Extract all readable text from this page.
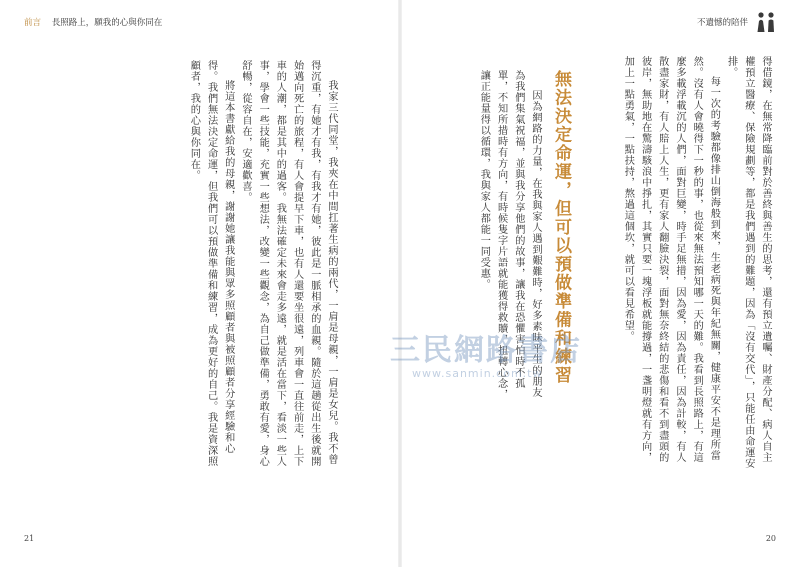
前言 長照路上，願我的心與你同在

我家三代同堂，我夾在中間扛著生病的兩代，一肩是母親，一肩是女兒。我不曾得沉重，有她才有我，有我才有她，彼此是一脈相承的血親。隨於這趟從出生後就開始邁向死亡的旅程，有人會提早下車，也有人還要坐很遠，列車會一直往前走，上下車的人潮，都是其中的過客。我無法確定未來會走多遠，就是活在當下，看淡一些人事，學會一些技能，充實一些想法，改變一些觀念，為自己做準備，勇敢有愛，身心舒暢，從容自在，安適歡喜。

將這本書獻給我的母親，謝謝她讓我能與眾多照顧者與被照顧者分享經驗和心得。我們無法決定命運，但我們可以預做準備和練習，成為更好的自己。我是資深照顧者，我的心與你同在。

21
不遺憾的陪伴

得借鏡，在無常降臨前對於善終與善生的思考，還有預立遺囑、財產分配、病人自主權預立醫療、保險規劃等，都是我們遇到的難題，因為「沒有交代」，只能任由命運安排。

每一次的考驗都像排山倒海般到來，生老病死與年紀無關，健康平安不是理所當然。沒有人會曉得下一秒的事，也從來無法預知哪一天的難。我看到長照路上，有這麼多載浮載沉的人們，面對巨變，時手足無措，因為愛，因為責任，因為計較，有人散盡家財，有人賠上人生，更有家人翻臉決裂，面對無奈終結的悲傷和看不到盡頭的彼岸，無助地在驚濤駭浪中掙扎，其實只要一塊浮板就能撐過，一盞明燈就有方向，加上一點勇氣，一點扶持，熬過這個坎，就可以看見希望。

無法決定命運，但可以預做準備和練習

因為網路的力量，在我與家人遇到艱難時，好多素昧平生的朋友為我們集氣祝福，並與我分享他們的故事，讓我在恐懼害怕時不孤單，不知所措時有方向，有時候隻字片語就能獲得救贖，扭轉心念，讓正能量得以循環，我與家人都能一同受惠。

20
三民網路書店
www.sanmin.com.tw
